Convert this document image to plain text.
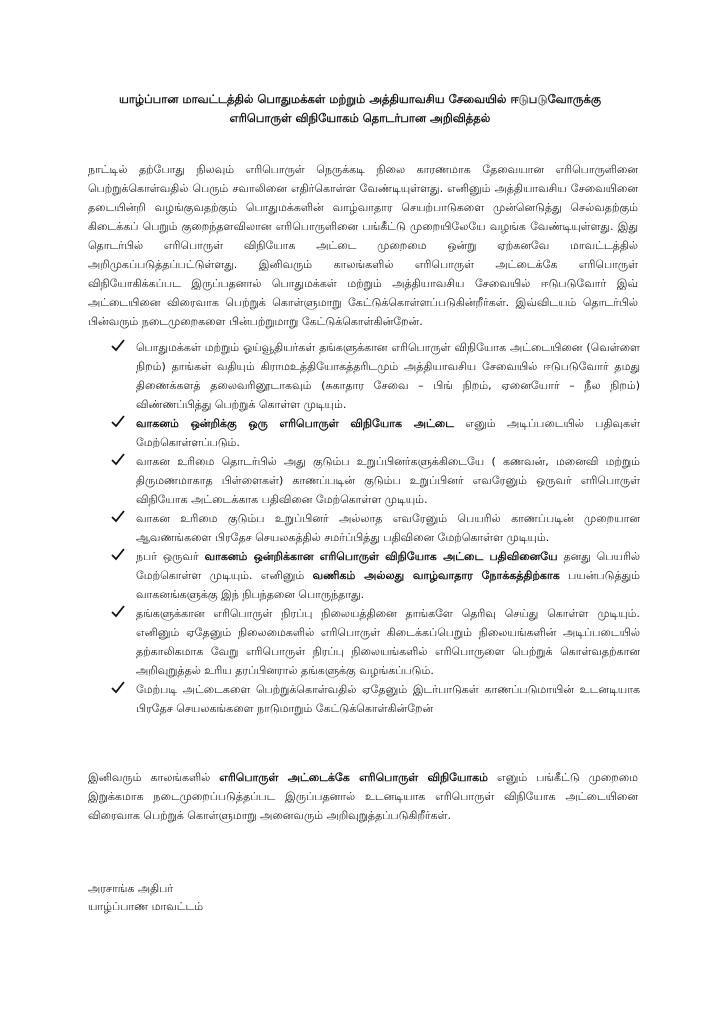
யாழ்ப்பான மாவட்டத்தில் பொதுமக்கள் மற்றும் அத்தியாவசிய சேவையில் ஈடுபடுவோருக்கு
எரிபொருள் விநியோகம் தொடர்பான அறிவித்தல்
நாட்டில் தற்போது நிலவும் எரிபொருள் நெருக்கடி நிலை காரணமாக தேவையான எரிபொருளினை பெற்றுக்கொள்வதில் பெரும் சவாலினை எதிர்கொள்ள வேண்டியுள்ளது. எனினும் அத்தியாவசிய சேவையினை தடையின்றி வழங்குவதற்கும் பொதுமக்களின் வாழ்வாதார செயற்பாடுகளை முன்னெடுத்து செல்வதற்கும் கிடைக்கப் பெறும் குறைந்தளவிலான எரிபொருளினை பங்கீட்டு முறையிலேயே வழங்க வேண்டியுள்ளது. இது தொடர்பில் எரிபொருள் விநியோக அட்டை முறைமை ஒன்று ஏற்கனவே மாவட்டத்தில் அறிமுகப்படுத்தப்பட்டுள்ளது. இனிவரும் காலங்களில் எரிபொருள் அட்டைக்கே எரிபொருள் விநியோகிக்கப்பட இருப்பதனால் பொதுமக்கள் மற்றும் அத்தியாவசிய சேவையில் ஈடுபடுவோர் இவ் அட்டையினை விரைவாக பெற்றுக் கொள்ளுமாறு கேட்டுக்கொள்ளப்படுகின்றீர்கள். இவ்விடயம் தொடர்பில் பின்வரும் நடைமுறைகளை பின்பற்றுமாறு கேட்டுக்கொள்கின்றேன்.
பொதுமக்கள் மற்றும் ஓய்வூதியர்கள் தங்களுக்கான எரிபொருள் விநியோக அட்டையினை (வெள்ளை நிறம்) தாங்கள் வதியும் கிராமஉத்தியோகத்தரிடமும் அத்தியாவசிய சேவையில் ஈடுபடுவோர் தமது திணைக்களத் தலைவரினூடாகவும் (சுகாதார சேவை – பிங் நிறம், ஏனையோர் – நீல நிறம்) விண்ணப்பித்து பெற்றுக் கொள்ள முடியும்.
வாகனம் ஒன்றிக்கு ஒரு எரிபொருள் விநியோக அட்டை எனும் அடிப்படையில் பதிவுகள் மேற்கொள்ளப்படும்.
வாகன உரிமை தொடர்பில் அது குடும்ப உறுப்பினர்களுக்கிடையே ( கணவன், மனைவி மற்றும் திருமணமாகாத பிள்ளைகள்) காணப்படின் குடும்ப உறுப்பினர் எவரேனும் ஒருவர் எரிபொருள் விநியோக அட்டைக்காக பதிவினை மேற்கொள்ள முடியும்.
வாகன உரிமை குடும்ப உறுப்பினர் அல்லாத எவரேனும் பெயரில் காணப்படின் முறையான ஆவணங்களை பிரதேச செயலகத்தில் சமர்ப்பித்து பதிவினை மேற்கொள்ள முடியும்.
நபர் ஒருவர் வாகனம் ஒன்றிக்கான எரிபொருள் விநியோக அட்டை பதிவினையே தனது பெயரில் மேற்கொள்ள முடியும். எனினும் வணிகம் அல்லது வாழ்வாதார நோக்கத்திற்காக பயன்படுத்தும் வாகனங்களுக்கு இந் நிபந்தனை பொருந்தாது.
தங்களுக்கான எரிபொருள் நிரப்பு நிலையத்தினை தாங்களே தெரிவு செய்து கொள்ள முடியும். எனினும் ஏதேனும் நிலைமைகளில் எரிபொருள் கிடைக்கப்பெறும் நிலையங்களின் அடிப்படையில் தற்காலிகமாக வேறு எரிபொருள் நிரப்பு நிலையங்களில் எரிபொருளை பெற்றுக் கொள்வதற்கான அறிவுறுத்தல் உரிய தரப்பினரால் தங்களுக்கு வழங்கப்படும்.
மேற்படி அட்டைகளை பெற்றுக்கொள்வதில் ஏதேனும் இடர்பாடுகள் காணப்படுமாயின் உடனடியாக பிரதேச செயலகங்களை நாடுமாறும் கேட்டுக்கொள்கின்றேன்
இனிவரும் காலங்களில் எரிபொருள் அட்டைக்கே எரிபொருள் விநியோகம் எனும் பங்கீட்டு முறைமை இறுக்கமாக நடைமுறைப்படுத்தப்பட இருப்பதனால் உடனடியாக எரிபொருள் விநியோக அட்டையினை விரைவாக பெற்றுக் கொள்ளுமாறு அனைவரும் அறிவுறுத்தப்படுகிறீர்கள்.
அரசாங்க அதிபர்
யாழ்ப்பாண மாவட்டம்
